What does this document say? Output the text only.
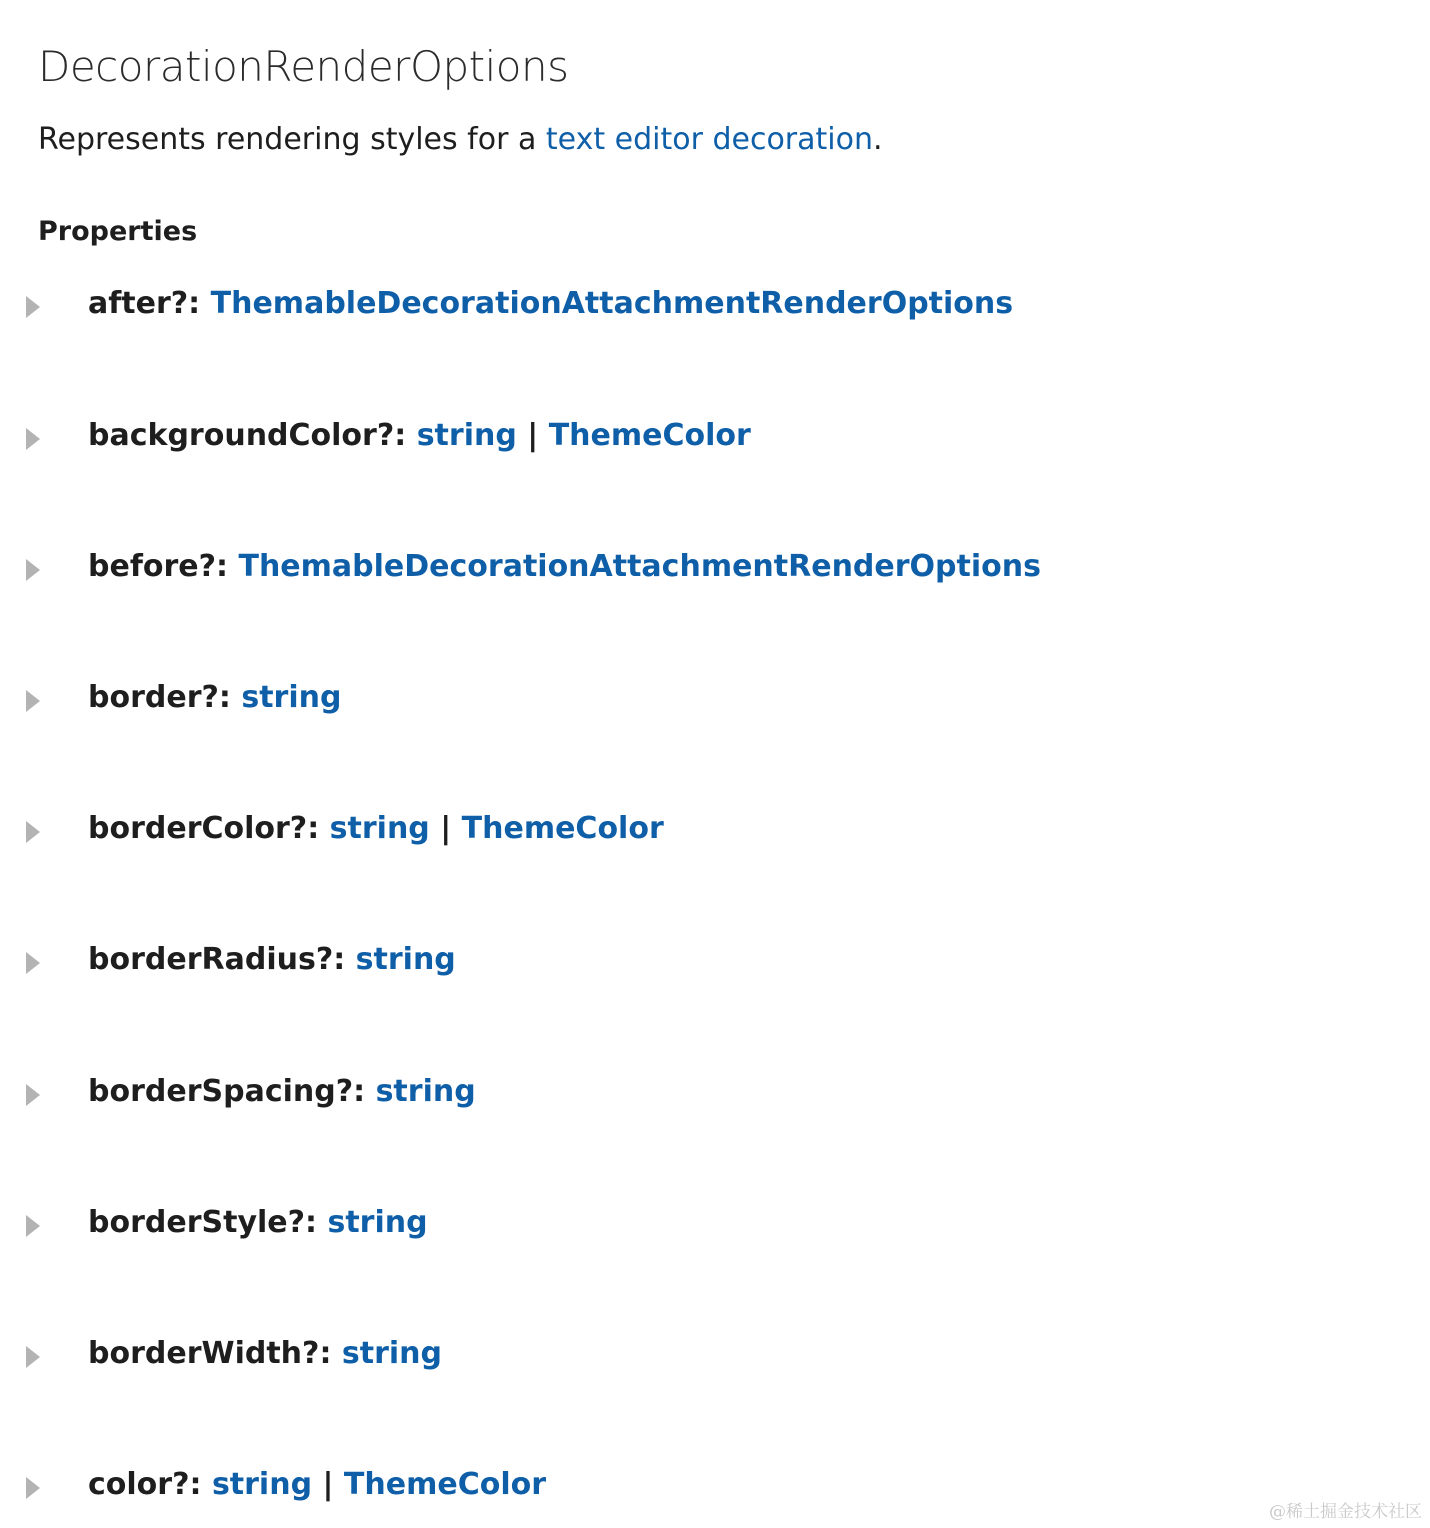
DecorationRenderOptions

Represents rendering styles for a text editor decoration.

Properties
after?: ThemableDecorationAttachmentRenderOptions
backgroundColor?: string | ThemeColor
before?: ThemableDecorationAttachmentRenderOptions
border?: string
borderColor?: string | ThemeColor
borderRadius?: string
borderSpacing?: string
borderStyle?: string
borderWidth?: string
color?: string | ThemeColor
@稀土掘金技术社区
